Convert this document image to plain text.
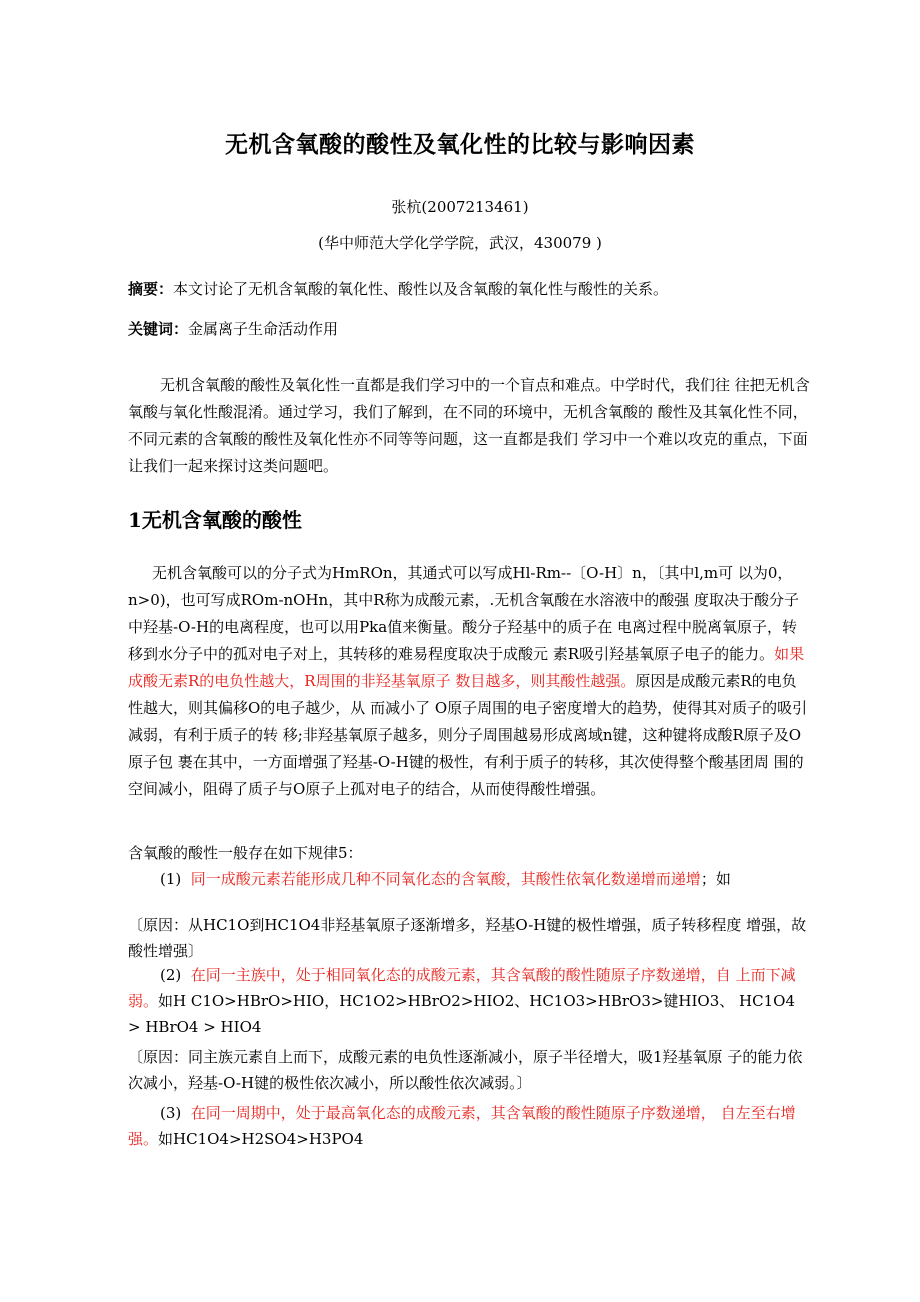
无机含氧酸的酸性及氧化性的比较与影响因素
张杭(2007213461)
(华中师范大学化学学院，武汉，430079 )
摘要：本文讨论了无机含氧酸的氧化性、酸性以及含氧酸的氧化性与酸性的关系。
关键词：金属离子生命活动作用
无机含氧酸的酸性及氧化性一直都是我们学习中的一个盲点和难点。中学时代，我们往 往把无机含氧酸与氧化性酸混淆。通过学习，我们了解到，在不同的环境中，无机含氧酸的 酸性及其氧化性不同，不同元素的含氧酸的酸性及氧化性亦不同等等问题，这一直都是我们 学习中一个难以攻克的重点，下面让我们一起来探讨这类问题吧。
1无机含氧酸的酸性
无机含氧酸可以的分子式为HmROn，其通式可以写成Hl-Rm--〔O-H〕n，〔其中l,m可 以为0，n>0)，也可写成ROm-nOHn，其中R称为成酸元素，.无机含氧酸在水溶液中的酸强 度取决于酸分子中羟基-O-H的电离程度，也可以用Pka值来衡量。酸分子羟基中的质子在 电离过程中脱离氧原子，转移到水分子中的孤对电子对上，其转移的难易程度取决于成酸元 素R吸引羟基氧原子电子的能力。如果成酸无素R的电负性越大，R周围的非羟基氧原子 数目越多，则其酸性越强。原因是成酸元素R的电负性越大，则其偏移O的电子越少，从 而减小了 O原子周围的电子密度增大的趋势，使得其对质子的吸引减弱，有利于质子的转 移;非羟基氧原子越多，则分子周围越易形成离域n键，这种键将成酸R原子及O原子包 裹在其中，一方面增强了羟基-O-H键的极性，有利于质子的转移，其次使得整个酸基团周 围的空间减小，阻碍了质子与O原子上孤对电子的结合，从而使得酸性增强。
含氧酸的酸性一般存在如下规律5：
(1) 同一成酸元素若能形成几种不同氧化态的含氧酸，其酸性依氧化数递增而递增；如
〔原因：从HC1O到HC1O4非羟基氧原子逐渐增多，羟基O-H键的极性增强，质子转移程度 增强，故酸性增强〕
(2) 在同一主族中，处于相同氧化态的成酸元素，其含氧酸的酸性随原子序数递增，自 上而下减弱。如H C1O>HBrO>HIO，HC1O2>HBrO2>HIO2、HC1O3>HBrO3>键HIO3、 HC1O4 > HBrO4 > HIO4
〔原因：同主族元素自上而下，成酸元素的电负性逐渐减小，原子半径增大，吸1羟基氧原 子的能力依次减小，羟基-O-H键的极性依次减小，所以酸性依次减弱。〕
(3) 在同一周期中，处于最高氧化态的成酸元素，其含氧酸的酸性随原子序数递增， 自左至右增强。如HC1O4>H2SO4>H3PO4
